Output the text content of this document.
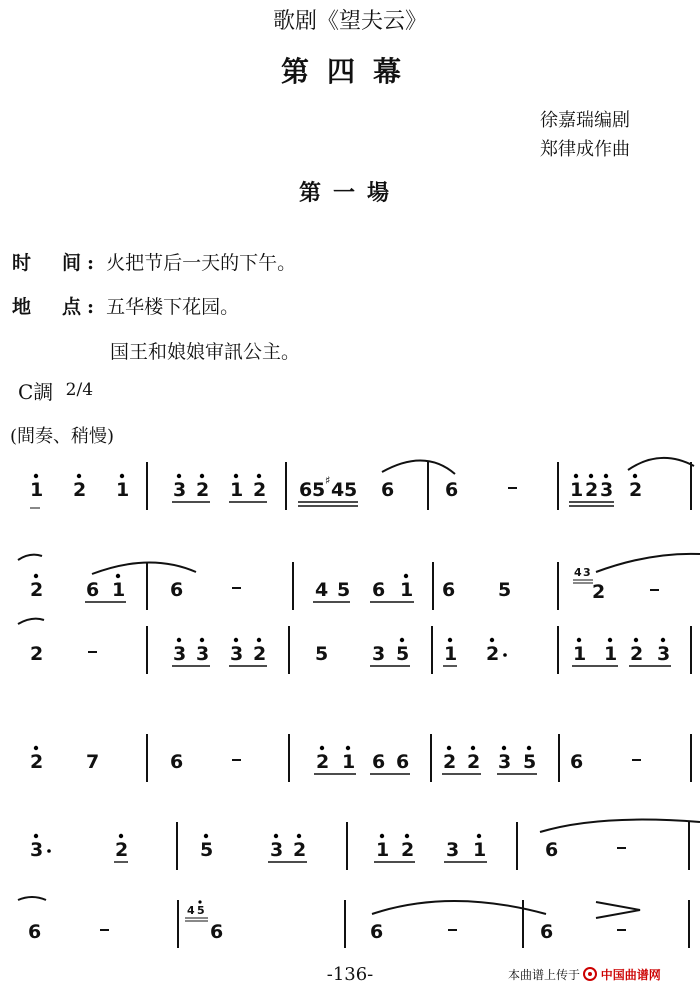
歌剧《望夫云》
第四幕
徐嘉瑞编剧
郑律成作曲
第一場
时　间: 火把节后一天的下午。
地　点: 五华楼下花园。
国王和娘娘审訊公主。
C調 $^{2/4}$
(間奏、稍慢)
1 2 1 3 2 1 2 6 5 ♯ 4 5 6	6	1 2 3 2
2 6 1 6	4 5 6 1 6 5
4 3
2
2	3 3 3 2	5 3 5 1 2	1 1 2 3
2 7	6	2 1 6 6 2 2 3 5 6
3	2	5	3 2	1 2 3 1	6
6
4 5
6	6	6
-136-	本曲谱上传于 中国曲谱网
